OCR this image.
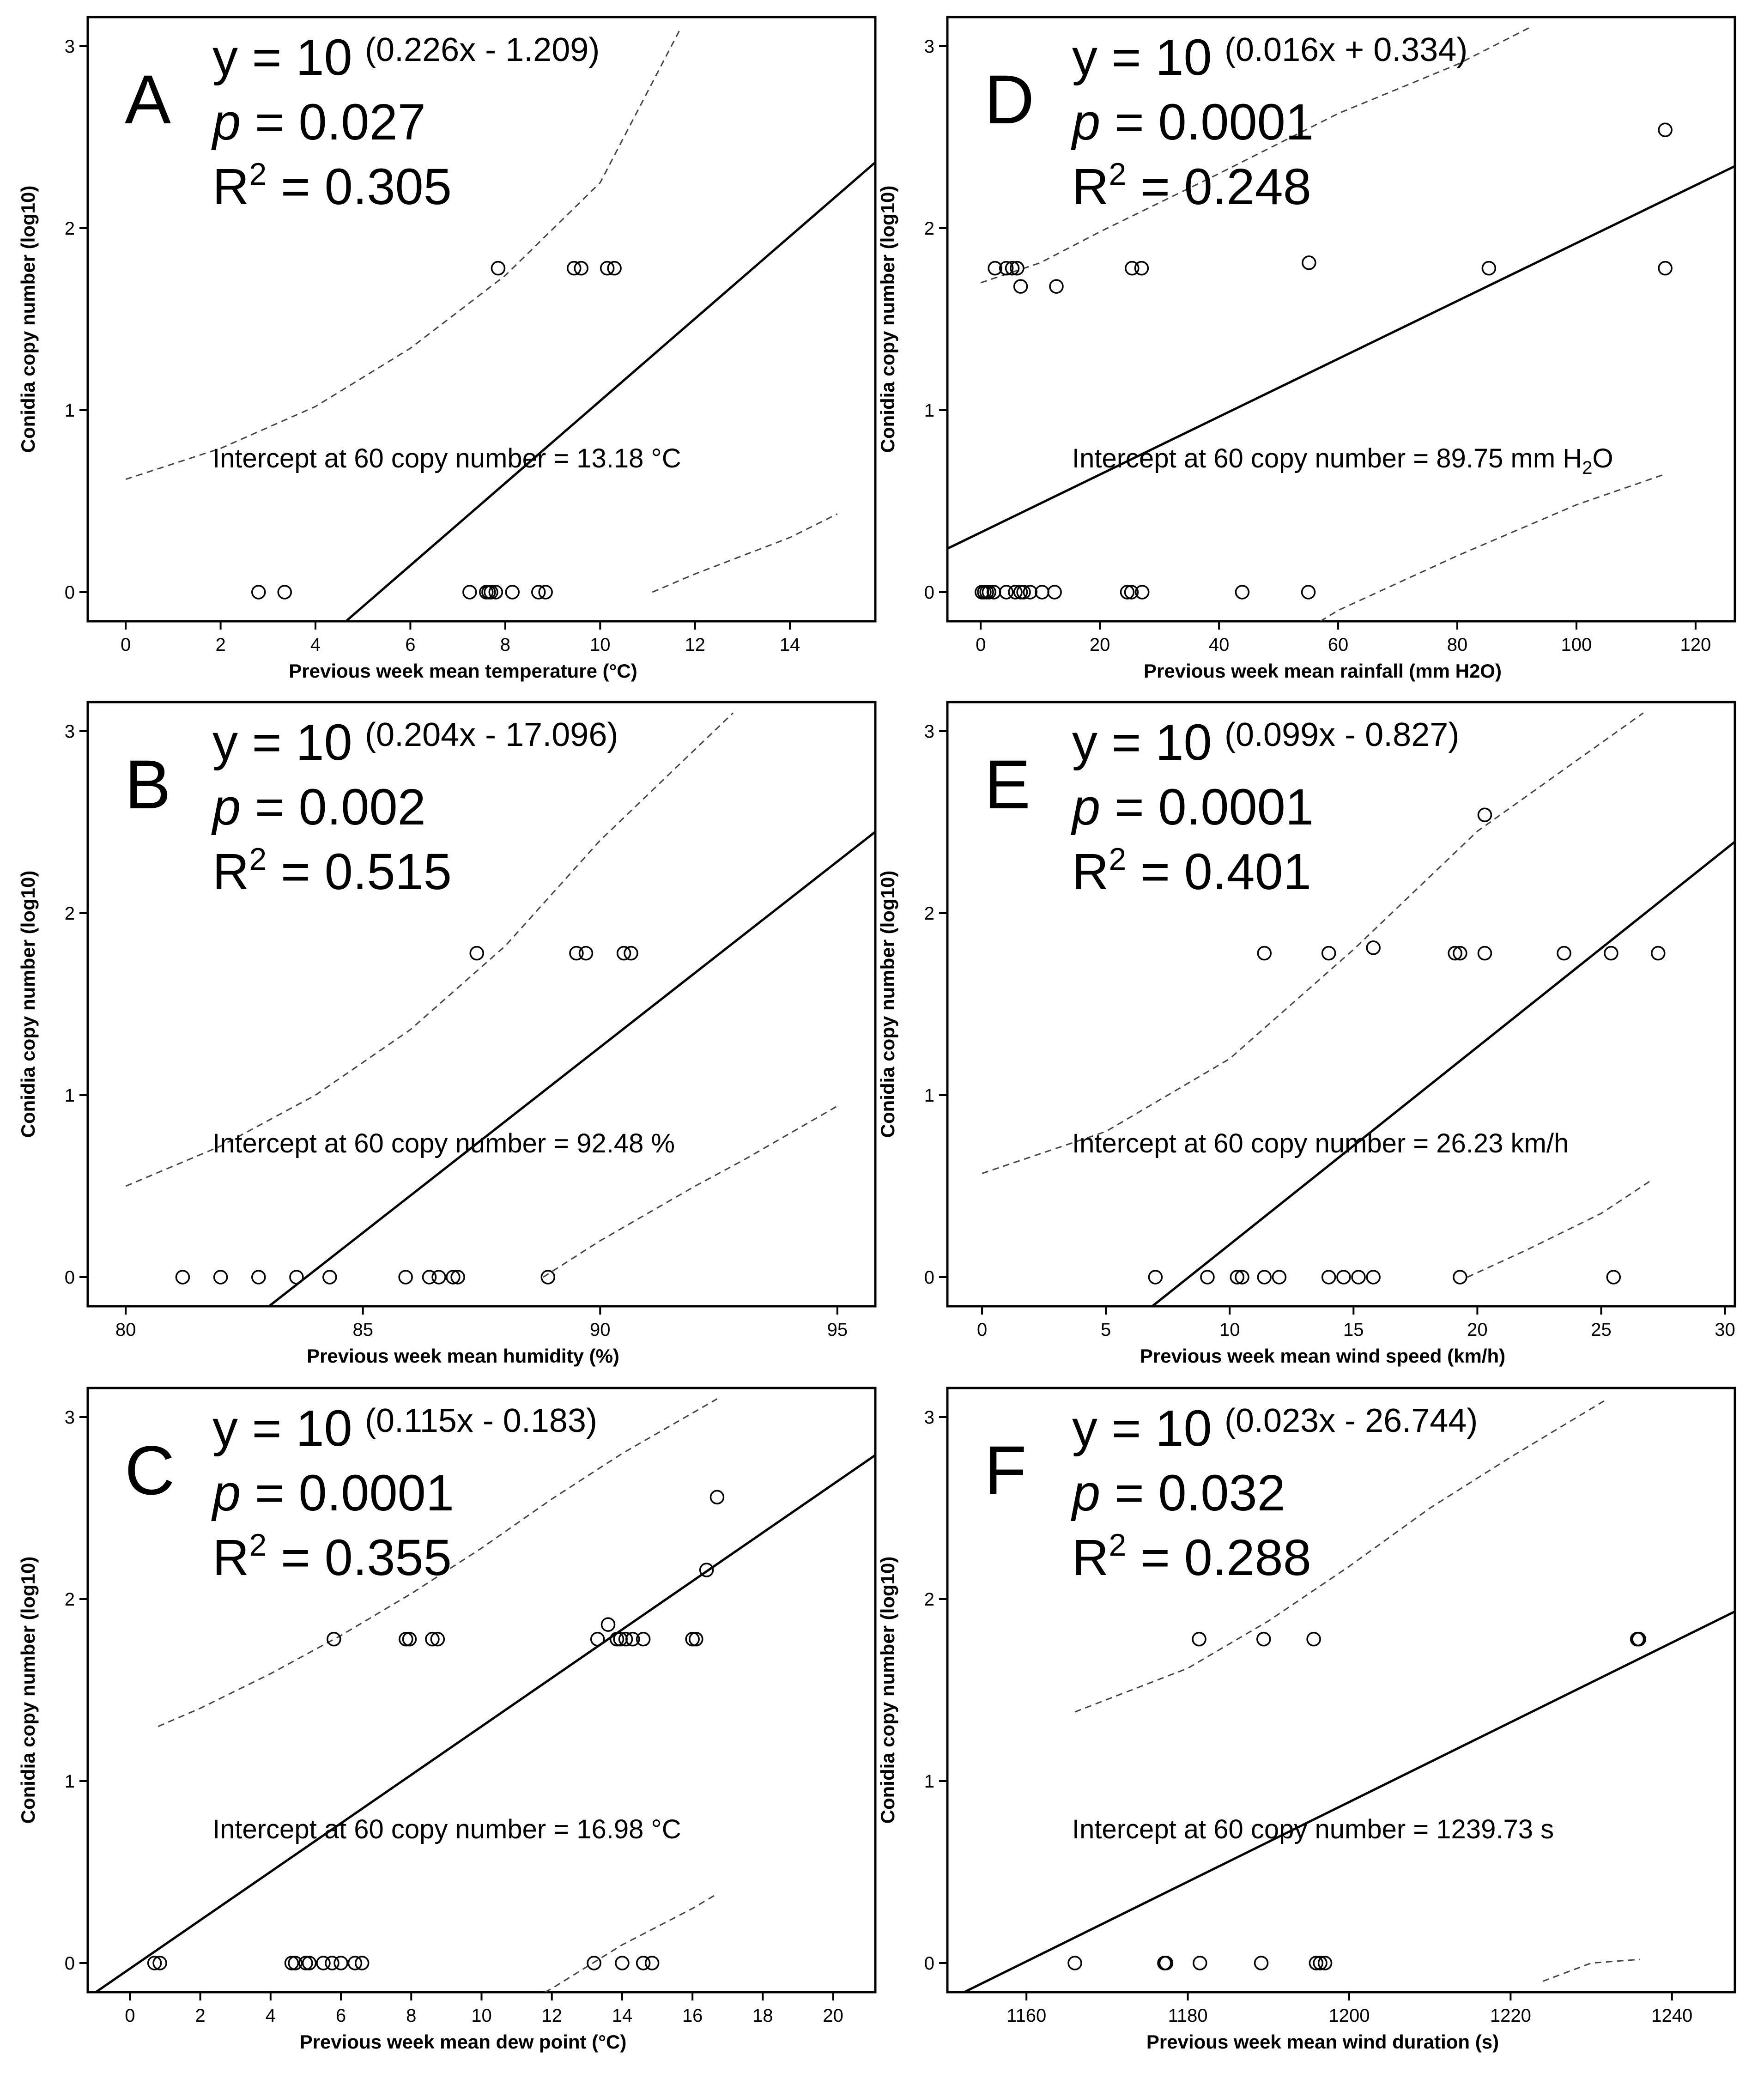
0	2	4	6	8	10	12	14
0
1
2
3
Previous week mean temperature (°C)
Conidia copy number (log10)
A
y = 10 (0.226x - 1.209)
p = 0.027
$R^2 = 0.305$
Intercept at 60 copy number = 13.18 °C
80	85	90	95
0
1
2
3
Previous week mean humidity (%)
Conidia copy number (log10)
B
y = 10 (0.204x - 17.096)
p = 0.002
$R^2 = 0.515$
Intercept at 60 copy number = 92.48 %
0	2	4	6	8	10	12	14	16	18	20
0
1
2
3
Previous week mean dew point (°C)
Conidia copy number (log10)
C
y = 10 (0.115x - 0.183)
p = 0.0001
$R^2 = 0.355$
Intercept at 60 copy number = 16.98 °C
0	20	40	60	80	100	120
0
1
2
3
Previous week mean rainfall (mm H2O)
Conidia copy number (log10)
D
y = 10 (0.016x + 0.334)
p = 0.0001
$R^2 = 0.248$
Intercept at 60 copy number = 89.75 mm $H_2O$
0	5	10	15	20	25	30
0
1
2
3
Previous week mean wind speed (km/h)
Conidia copy number (log10)
E
y = 10 (0.099x - 0.827)
p = 0.0001
$R^2 = 0.401$
Intercept at 60 copy number = 26.23 km/h
1160	1180	1200	1220	1240
0
1
2
3
Previous week mean wind duration (s)
Conidia copy number (log10)
F
y = 10 (0.023x - 26.744)
p = 0.032
$R^2 = 0.288$
Intercept at 60 copy number = 1239.73 s
